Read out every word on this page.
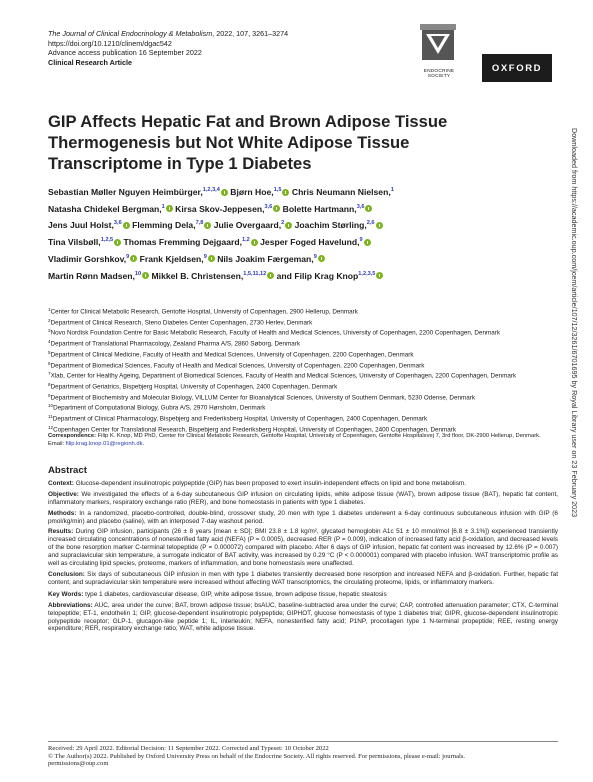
The Journal of Clinical Endocrinology & Metabolism, 2022, 107, 3261–3274
https://doi.org/10.1210/clinem/dgac542
Advance access publication 16 September 2022
Clinical Research Article
ENDOCRINE SOCIETY
OXFORD
Downloaded from https://academic.oup.com/jcem/article/107/12/3261/6701695 by Royal Library user on 23 February 2023
GIP Affects Hepatic Fat and Brown Adipose Tissue Thermogenesis but Not White Adipose Tissue Transcriptome in Type 1 Diabetes
Sebastian Møller Nguyen Heimbürger,$^{1,2,3,4}$ Bjørn Hoe,$^{1,5}$ Chris Neumann Nielsen,$^1$
Natasha Chidekel Bergman,$^1$ Kirsa Skov-Jeppesen,$^{3,6}$ Bolette Hartmann,$^{3,6}$
Jens Juul Holst,$^{3,6}$ Flemming Dela,$^{7,8}$ Julie Overgaard,$^2$ Joachim Størling,$^{2,6}$
Tina Vilsbøll,$^{1,2,5}$ Thomas Fremming Dejgaard,$^{1,2}$ Jesper Foged Havelund,$^9$
Vladimir Gorshkov,$^9$ Frank Kjeldsen,$^9$ Nils Joakim Færgeman,$^9$
Martin Rønn Madsen,$^{10}$ Mikkel B. Christensen,$^{1,5,11,12}$ and Filip Krag Knop$^{1,2,3,5}$
$^1$Center for Clinical Metabolic Research, Gentofte Hospital, University of Copenhagen, 2900 Hellerup, Denmark
$^2$Department of Clinical Research, Steno Diabetes Center Copenhagen, 2730 Herlev, Denmark
$^3$Novo Nordisk Foundation Centre for Basic Metabolic Research, Faculty of Health and Medical Sciences, University of Copenhagen, 2200 Copenhagen, Denmark
$^4$Department of Translational Pharmacology, Zealand Pharma A/S, 2860 Søborg, Denmark
$^5$Department of Clinical Medicine, Faculty of Health and Medical Sciences, University of Copenhagen, 2200 Copenhagen, Denmark
$^6$Department of Biomedical Sciences, Faculty of Health and Medical Sciences, University of Copenhagen, 2200 Copenhagen, Denmark
$^7$Xlab, Center for Healthy Ageing, Department of Biomedical Sciences, Faculty of Health and Medical Sciences, University of Copenhagen, 2200 Copenhagen, Denmark
$^8$Department of Geriatrics, Bispebjerg Hospital, University of Copenhagen, 2400 Copenhagen, Denmark
$^9$Department of Biochemistry and Molecular Biology, VILLUM Center for Bioanalytical Sciences, University of Southern Denmark, 5230 Odense, Denmark
$^{10}$Department of Computational Biology, Gubra A/S, 2970 Hørsholm, Denmark
$^{11}$Department of Clinical Pharmacology, Bispebjerg and Frederiksberg Hospital, University of Copenhagen, 2400 Copenhagen, Denmark
$^{12}$Copenhagen Center for Translational Research, Bispebjerg and Frederiksberg Hospital, University of Copenhagen, 2400 Copenhagen, Denmark
Correspondence: Filip K. Knop, MD PhD, Center for Clinical Metabolic Research, Gentofte Hospital, University of Copenhagen, Gentofte Hospitalsvej 7, 3rd floor, DK-2900 Hellerup, Denmark. Email: filip.krag.knop.01@regionh.dk.
Abstract

Context: Glucose-dependent insulinotropic polypeptide (GIP) has been proposed to exert insulin-independent effects on lipid and bone metabolism.

Objective: We investigated the effects of a 6-day subcutaneous GIP infusion on circulating lipids, white adipose tissue (WAT), brown adipose tissue (BAT), hepatic fat content, inflammatory markers, respiratory exchange ratio (RER), and bone homeostasis in patients with type 1 diabetes.

Methods: In a randomized, placebo-controlled, double-blind, crossover study, 20 men with type 1 diabetes underwent a 6-day continuous subcutaneous infusion with GIP (6 pmol/kg/min) and placebo (saline), with an interposed 7-day washout period.

Results: During GIP infusion, participants (26 ± 8 years [mean ± SD]; BMI 23.8 ± 1.8 kg/m², glycated hemoglobin A1c 51 ± 10 mmol/mol [6.8 ± 3.1%]) experienced transiently increased circulating concentrations of nonesterified fatty acid (NEFA) (P = 0.0005), decreased RER (P = 0.009), indication of increased fatty acid β-oxidation, and decreased levels of the bone resorption marker C-terminal telopeptide (P = 0.000072) compared with placebo. After 6 days of GIP infusion, hepatic fat content was increased by 12.6% (P = 0.007) and supraclavicular skin temperature, a surrogate indicator of BAT activity, was increased by 0.29 °C (P < 0.000001) compared with placebo infusion. WAT transcriptomic profile as well as circulating lipid species, proteome, markers of inflammation, and bone homeostasis were unaffected.

Conclusion: Six days of subcutaneous GIP infusion in men with type 1 diabetes transiently decreased bone resorption and increased NEFA and β-oxidation. Further, hepatic fat content, and supraclavicular skin temperature were increased without affecting WAT transcriptomics, the circulating proteome, lipids, or inflammatory markers.

Key Words: type 1 diabetes, cardiovascular disease, GIP, white adipose tissue, brown adipose tissue, hepatic steatosis

Abbreviations: AUC, area under the curve; BAT, brown adipose tissue; bsAUC, baseline-subtracted area under the curve; CAP, controlled attenuation parameter; CTX, C-terminal telopeptide; ET-1, endothelin 1; GIP, glucose-dependent insulinotropic polypeptide; GIPHOT, glucose homeostasis of type 1 diabetes trial; GIPR, glucose-dependent insulinotropic polypeptide receptor; GLP-1, glucagon-like peptide 1; IL, interleukin; NEFA, nonesterified fatty acid; P1NP, procollagen type 1 N-terminal propeptide; REE, resting energy expenditure; RER, respiratory exchange ratio; WAT, white adipose tissue.

Received: 29 April 2022. Editorial Decision: 11 September 2022. Corrected and Typeset: 10 October 2022
© The Author(s) 2022. Published by Oxford University Press on behalf of the Endocrine Society. All rights reserved. For permissions, please e-mail: journals.
permissions@oup.com
